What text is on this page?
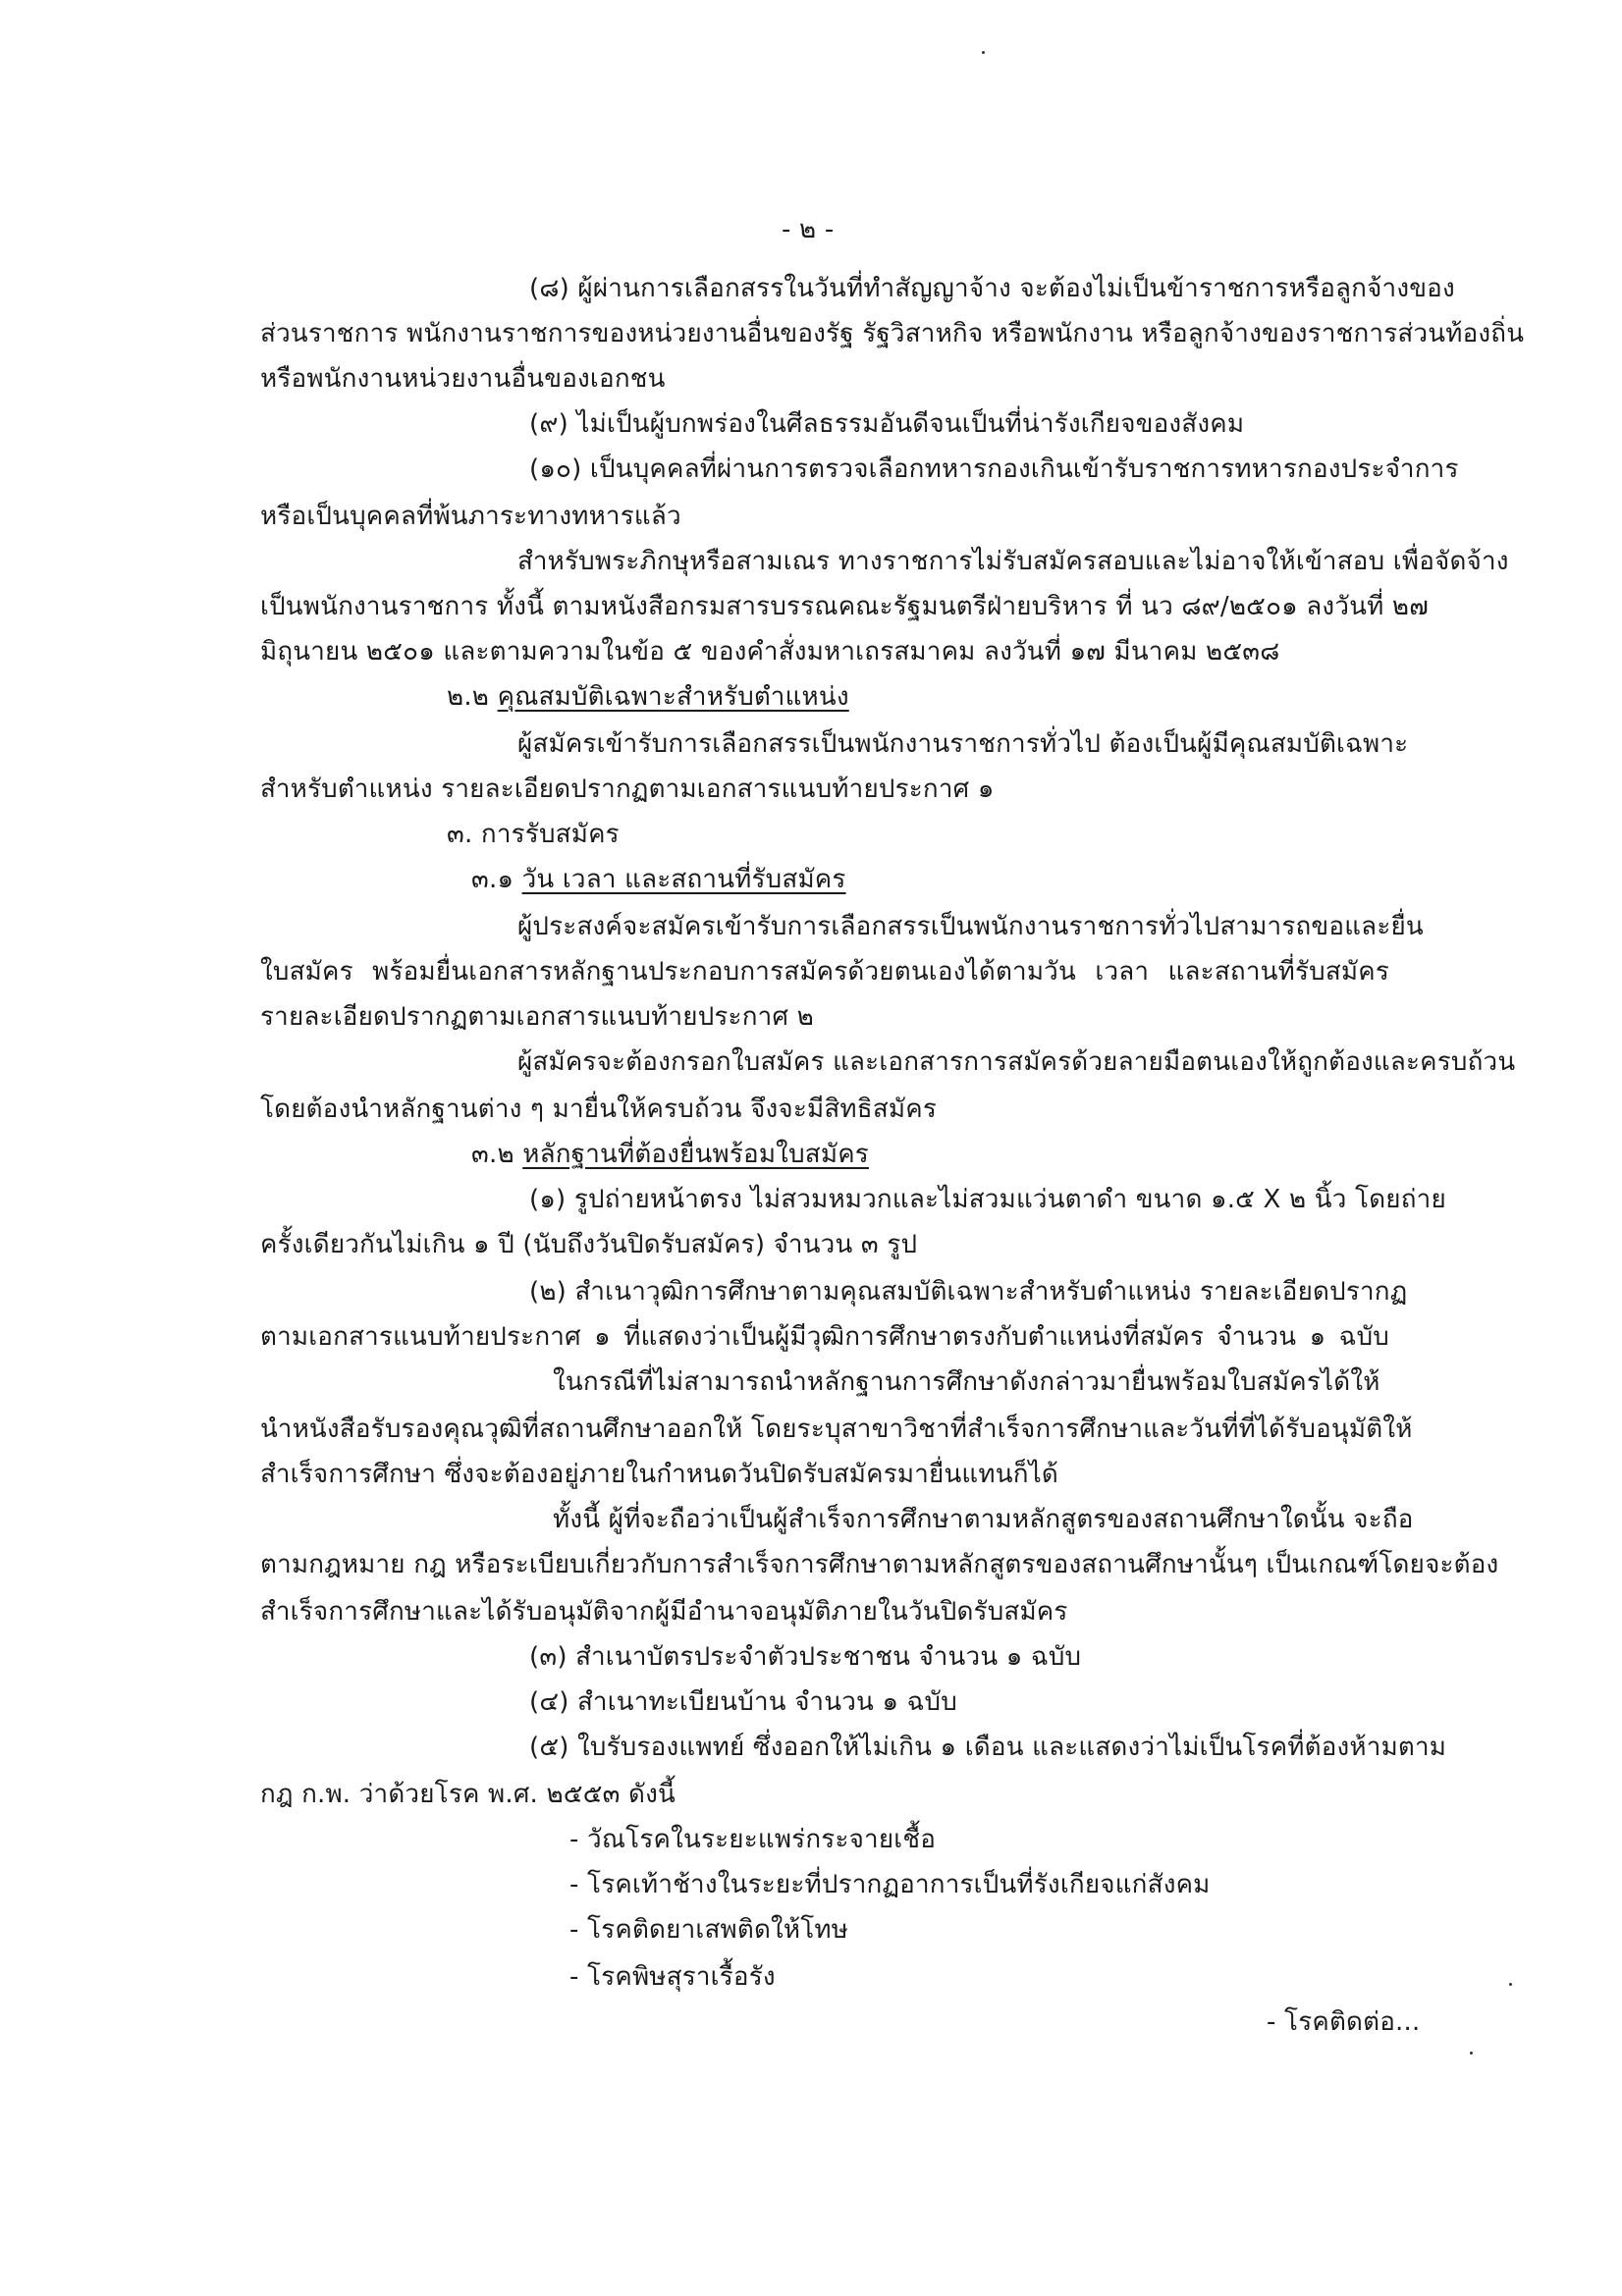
- ๒ -
(๘) ผู้ผ่านการเลือกสรรในวันที่ทำสัญญาจ้าง จะต้องไม่เป็นข้าราชการหรือลูกจ้างของ
ส่วนราชการ พนักงานราชการของหน่วยงานอื่นของรัฐ รัฐวิสาหกิจ หรือพนักงาน หรือลูกจ้างของราชการส่วนท้องถิ่น
หรือพนักงานหน่วยงานอื่นของเอกชน
(๙) ไม่เป็นผู้บกพร่องในศีลธรรมอันดีจนเป็นที่น่ารังเกียจของสังคม
(๑๐) เป็นบุคคลที่ผ่านการตรวจเลือกทหารกองเกินเข้ารับราชการทหารกองประจำการ
หรือเป็นบุคคลที่พ้นภาระทางทหารแล้ว
สำหรับพระภิกษุหรือสามเณร ทางราชการไม่รับสมัครสอบและไม่อาจให้เข้าสอบ เพื่อจัดจ้าง
เป็นพนักงานราชการ ทั้งนี้ ตามหนังสือกรมสารบรรณคณะรัฐมนตรีฝ่ายบริหาร ที่ นว ๘๙/๒๕๐๑ ลงวันที่ ๒๗
มิถุนายน ๒๕๐๑ และตามความในข้อ ๕ ของคำสั่งมหาเถรสมาคม ลงวันที่ ๑๗ มีนาคม ๒๕๓๘
๒.๒ คุณสมบัติเฉพาะสำหรับตำแหน่ง
ผู้สมัครเข้ารับการเลือกสรรเป็นพนักงานราชการทั่วไป ต้องเป็นผู้มีคุณสมบัติเฉพาะ
สำหรับตำแหน่ง รายละเอียดปรากฏตามเอกสารแนบท้ายประกาศ ๑
๓. การรับสมัคร
๓.๑ วัน เวลา และสถานที่รับสมัคร
ผู้ประสงค์จะสมัครเข้ารับการเลือกสรรเป็นพนักงานราชการทั่วไปสามารถขอและยื่น
ใบสมัคร พร้อมยื่นเอกสารหลักฐานประกอบการสมัครด้วยตนเองได้ตามวัน เวลา และสถานที่รับสมัคร
รายละเอียดปรากฏตามเอกสารแนบท้ายประกาศ ๒
ผู้สมัครจะต้องกรอกใบสมัคร และเอกสารการสมัครด้วยลายมือตนเองให้ถูกต้องและครบถ้วน
โดยต้องนำหลักฐานต่าง ๆ มายื่นให้ครบถ้วน จึงจะมีสิทธิสมัคร
๓.๒ หลักฐานที่ต้องยื่นพร้อมใบสมัคร
(๑) รูปถ่ายหน้าตรง ไม่สวมหมวกและไม่สวมแว่นตาดำ ขนาด ๑.๕ X ๒ นิ้ว โดยถ่าย
ครั้งเดียวกันไม่เกิน ๑ ปี (นับถึงวันปิดรับสมัคร) จำนวน ๓ รูป
(๒) สำเนาวุฒิการศึกษาตามคุณสมบัติเฉพาะสำหรับตำแหน่ง รายละเอียดปรากฏ
ตามเอกสารแนบท้ายประกาศ ๑ ที่แสดงว่าเป็นผู้มีวุฒิการศึกษาตรงกับตำแหน่งที่สมัคร จำนวน ๑ ฉบับ
ในกรณีที่ไม่สามารถนำหลักฐานการศึกษาดังกล่าวมายื่นพร้อมใบสมัครได้ให้
นำหนังสือรับรองคุณวุฒิที่สถานศึกษาออกให้ โดยระบุสาขาวิชาที่สำเร็จการศึกษาและวันที่ที่ได้รับอนุมัติให้
สำเร็จการศึกษา ซึ่งจะต้องอยู่ภายในกำหนดวันปิดรับสมัครมายื่นแทนก็ได้
ทั้งนี้ ผู้ที่จะถือว่าเป็นผู้สำเร็จการศึกษาตามหลักสูตรของสถานศึกษาใดนั้น จะถือ
ตามกฎหมาย กฎ หรือระเบียบเกี่ยวกับการสำเร็จการศึกษาตามหลักสูตรของสถานศึกษานั้นๆ เป็นเกณฑ์โดยจะต้อง
สำเร็จการศึกษาและได้รับอนุมัติจากผู้มีอำนาจอนุมัติภายในวันปิดรับสมัคร
(๓) สำเนาบัตรประจำตัวประชาชน จำนวน ๑ ฉบับ
(๔) สำเนาทะเบียนบ้าน จำนวน ๑ ฉบับ
(๕) ใบรับรองแพทย์ ซึ่งออกให้ไม่เกิน ๑ เดือน และแสดงว่าไม่เป็นโรคที่ต้องห้ามตาม
กฎ ก.พ. ว่าด้วยโรค พ.ศ. ๒๕๕๓ ดังนี้
- วัณโรคในระยะแพร่กระจายเชื้อ
- โรคเท้าช้างในระยะที่ปรากฏอาการเป็นที่รังเกียจแก่สังคม
- โรคติดยาเสพติดให้โทษ
- โรคพิษสุราเรื้อรัง
- โรคติดต่อ...
